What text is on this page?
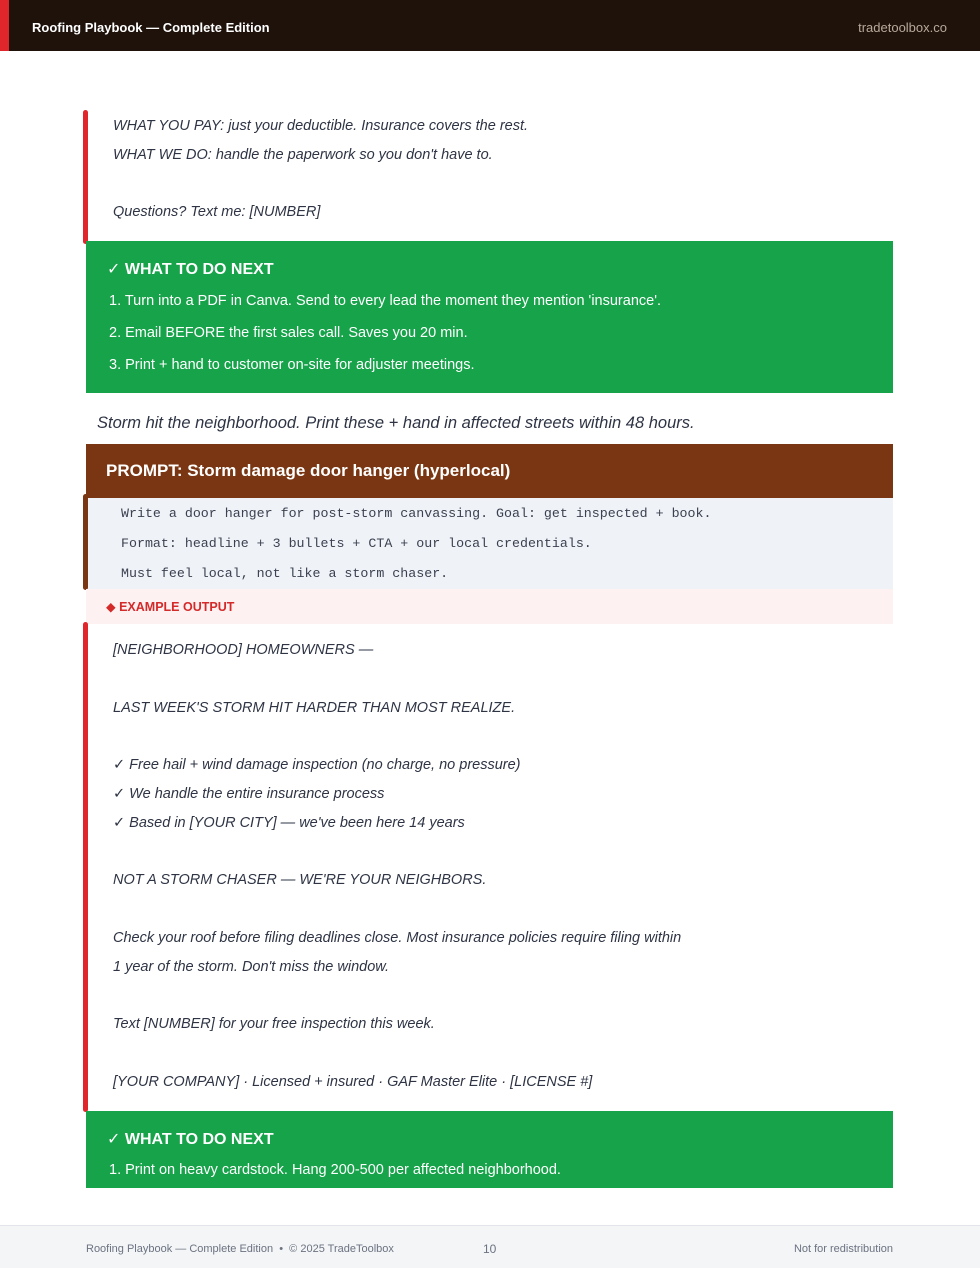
Roofing Playbook — Complete Edition	tradetoolbox.co
WHAT YOU PAY: just your deductible. Insurance covers the rest.
WHAT WE DO: handle the paperwork so you don't have to.
Questions? Text me: [NUMBER]
✓ WHAT TO DO NEXT
1. Turn into a PDF in Canva. Send to every lead the moment they mention 'insurance'.
2. Email BEFORE the first sales call. Saves you 20 min.
3. Print + hand to customer on-site for adjuster meetings.
Storm hit the neighborhood. Print these + hand in affected streets within 48 hours.
PROMPT: Storm damage door hanger (hyperlocal)
Write a door hanger for post-storm canvassing. Goal: get inspected + book.
Format: headline + 3 bullets + CTA + our local credentials.
Must feel local, not like a storm chaser.
◆ EXAMPLE OUTPUT
[NEIGHBORHOOD] HOMEOWNERS —
LAST WEEK'S STORM HIT HARDER THAN MOST REALIZE.
✓ Free hail + wind damage inspection (no charge, no pressure)
✓ We handle the entire insurance process
✓ Based in [YOUR CITY] — we've been here 14 years
NOT A STORM CHASER — WE'RE YOUR NEIGHBORS.
Check your roof before filing deadlines close. Most insurance policies require filing within
1 year of the storm. Don't miss the window.
Text [NUMBER] for your free inspection this week.
[YOUR COMPANY] · Licensed + insured · GAF Master Elite · [LICENSE #]
✓ WHAT TO DO NEXT
1. Print on heavy cardstock. Hang 200-500 per affected neighborhood.
Roofing Playbook — Complete Edition  •  © 2025 TradeToolbox	10	Not for redistribution
